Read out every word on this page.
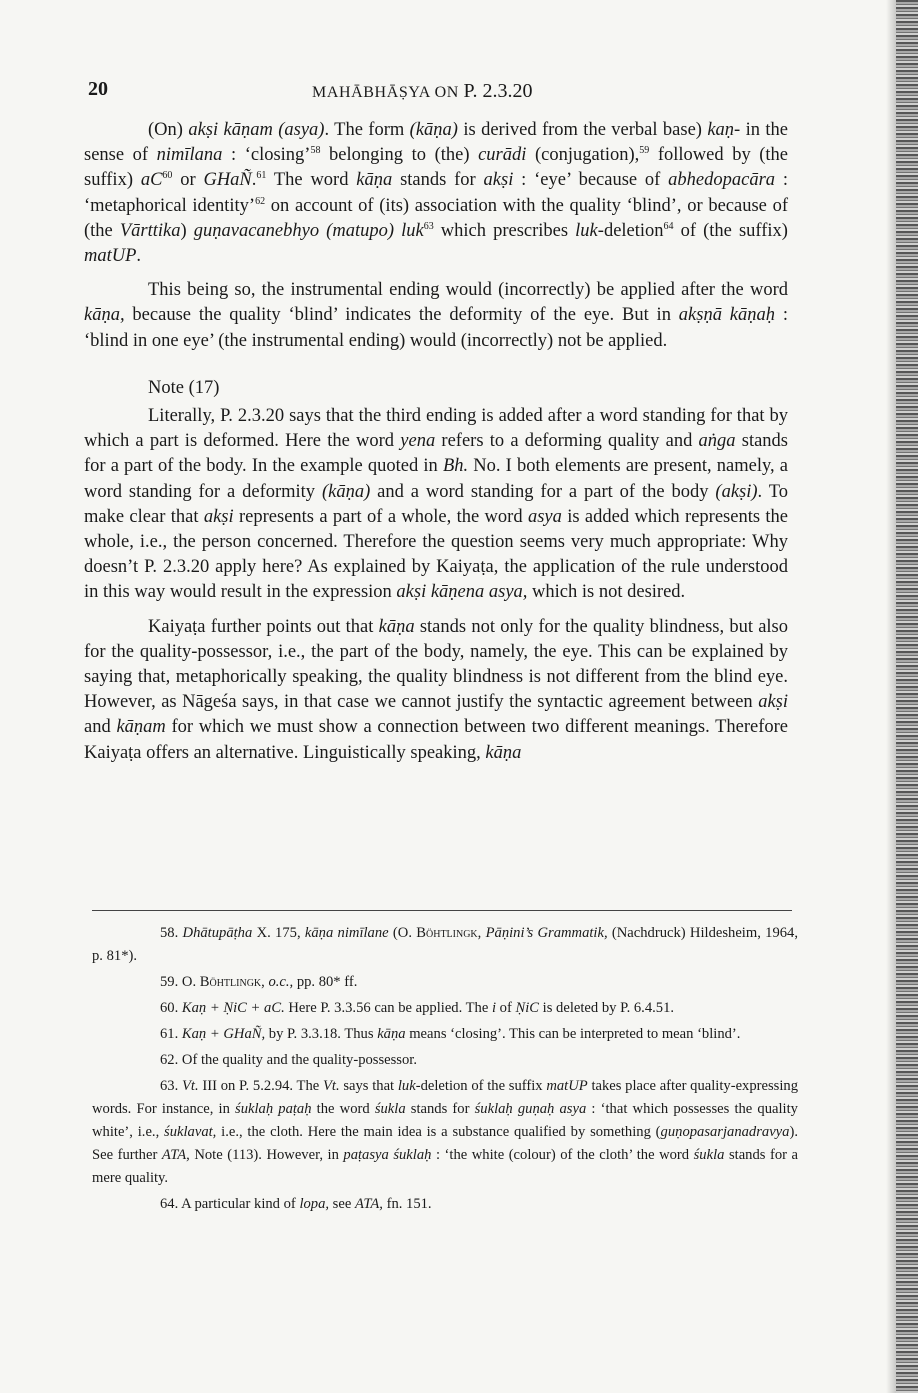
20	MAHĀBHĀṢYA ON P. 2.3.20

(On) akṣi kāṇam (asya). The form (kāṇa) is derived from the verbal base) kaṇ- in the sense of nimīlana : ‘closing’$^{58}$ belonging to (the) curādi (conjugation),$^{59}$ followed by (the suffix) $aC^{60}$ or GHaÑ.$^{61}$ The word kāṇa stands for akṣi : ‘eye’ because of abhedopacāra : ‘metaphorical identity’$^{62}$ on account of (its) association with the quality ‘blind’, or because of (the Vārttika) guṇavacanebhyo (matupo) luk$^{63}$ which prescribes luk-deletion$^{64}$ of (the suffix) matUP.

This being so, the instrumental ending would (incorrectly) be applied after the word kāṇa, because the quality ‘blind’ indicates the deformity of the eye. But in akṣṇā kāṇaḥ : ‘blind in one eye’ (the instrumental ending) would (incorrectly) not be applied.

Note (17)

Literally, P. 2.3.20 says that the third ending is added after a word standing for that by which a part is deformed. Here the word yena refers to a deforming quality and aṅga stands for a part of the body. In the example quoted in Bh. No. I both elements are present, namely, a word standing for a deformity (kāṇa) and a word standing for a part of the body (akṣi). To make clear that akṣi represents a part of a whole, the word asya is added which represents the whole, i.e., the person concerned. Therefore the question seems very much appropriate: Why doesn’t P. 2.3.20 apply here? As explained by Kaiyaṭa, the application of the rule understood in this way would result in the expression akṣi kāṇena asya, which is not desired.

Kaiyaṭa further points out that kāṇa stands not only for the quality blindness, but also for the quality-possessor, i.e., the part of the body, namely, the eye. This can be explained by saying that, metaphorically speaking, the quality blindness is not different from the blind eye. However, as Nāgeśa says, in that case we cannot justify the syntactic agreement between akṣi and kāṇam for which we must show a connection between two different meanings. Therefore Kaiyaṭa offers an alternative. Linguistically speaking, kāṇa

58. Dhātupāṭha X. 175, kāṇa nimīlane (O. Böhtlingk, Pāṇini’s Grammatik, (Nachdruck) Hildesheim, 1964, p. 81*).

59. O. Böhtlingk, o.c., pp. 80* ff.

60. Kaṇ + ṆiC + aC. Here P. 3.3.56 can be applied. The i of ṆiC is deleted by P. 6.4.51.

61. Kaṇ + GHaÑ, by P. 3.3.18. Thus kāṇa means ‘closing’. This can be interpreted to mean ‘blind’.

62. Of the quality and the quality-possessor.

63. Vt. III on P. 5.2.94. The Vt. says that luk-deletion of the suffix matUP takes place after quality-expressing words. For instance, in śuklaḥ paṭaḥ the word śukla stands for śuklaḥ guṇaḥ asya : ‘that which possesses the quality white’, i.e., śuklavat, i.e., the cloth. Here the main idea is a substance qualified by something (guṇopasarjanadravya). See further ATA, Note (113). However, in paṭasya śuklaḥ : ‘the white (colour) of the cloth’ the word śukla stands for a mere quality.

64. A particular kind of lopa, see ATA, fn. 151.
